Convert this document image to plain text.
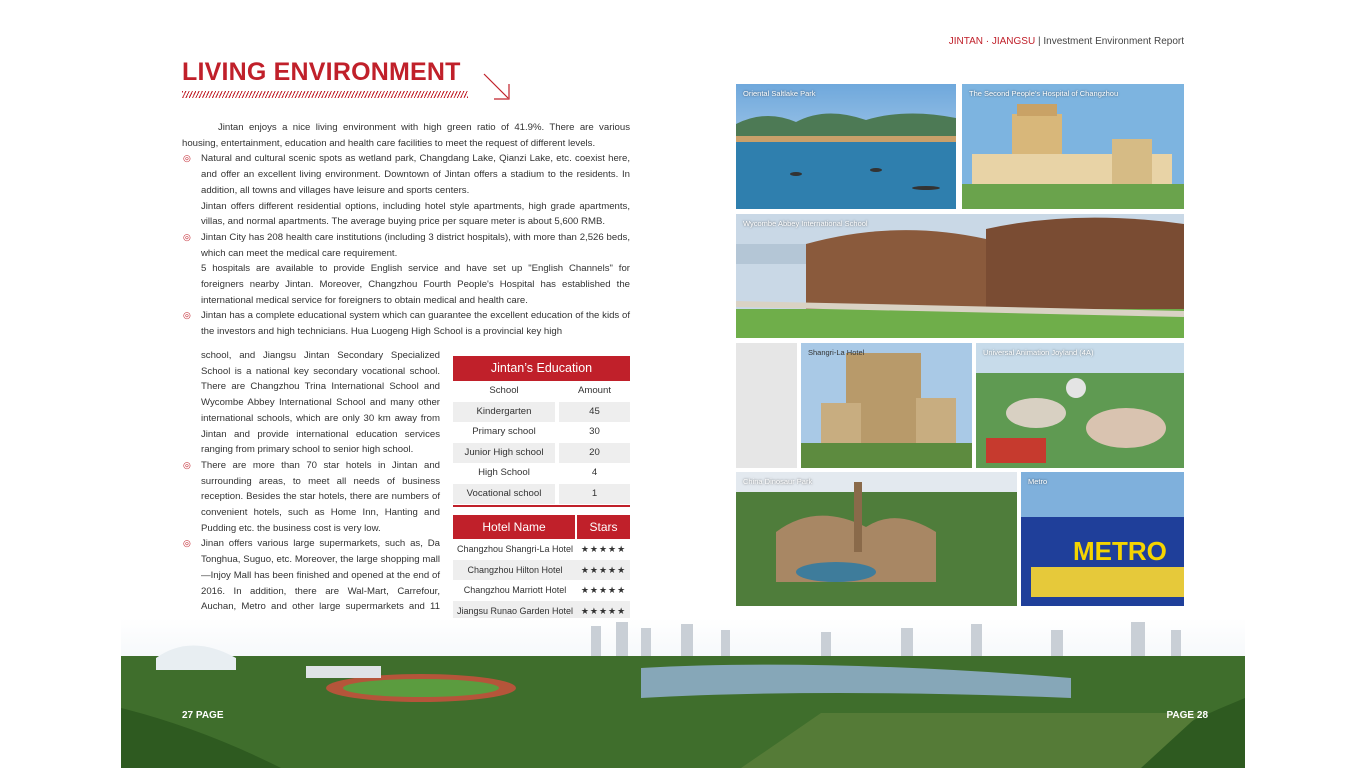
JINTAN · JIANGSU | Investment Environment Report
LIVING ENVIRONMENT

Jintan enjoys a nice living environment with high green ratio of 41.9%. There are various housing, entertainment, education and health care facilities to meet the request of different levels.

◎ Natural and cultural scenic spots as wetland park, Changdang Lake, Qianzi Lake, etc. coexist here, and offer an excellent living environment. Downtown of Jintan offers a stadium to the residents. In addition, all towns and villages have leisure and sports centers.

Jintan offers different residential options, including hotel style apartments, high grade apartments, villas, and normal apartments. The average buying price per square meter is about 5,600 RMB.

◎ Jintan City has 208 health care institutions (including 3 district hospitals), with more than 2,526 beds, which can meet the medical care requirement.

5 hospitals are available to provide English service and have set up "English Channels" for foreigners nearby Jintan. Moreover, Changzhou Fourth People's Hospital has established the international medical service for foreigners to obtain medical and health care.

◎ Jintan has a complete educational system which can guarantee the excellent education of the kids of the investors and high technicians. Hua Luogeng High School is a provincial key high

school, and Jiangsu Jintan Secondary Specialized School is a national key secondary vocational school. There are Changzhou Trina International School and Wycombe Abbey International School and many other international schools, which are only 30 km away from Jintan and provide international education services ranging from primary school to senior high school.

◎ There are more than 70 star hotels in Jintan and surrounding areas, to meet all needs of business reception. Besides the star hotels, there are numbers of convenient hotels, such as Home Inn, Hanting and Pudding etc. the business cost is very low.

◎ Jinan offers various large supermarkets, such as, Da Tonghua, Suguo, etc. Moreover, the large shopping mall—Injoy Mall has been finished and opened at the end of 2016. In addition, there are Wal-Mart, Carrefour, Auchan, Metro and other large supermarkets and 11

Jintan’s Education
School	Amount
Kindergarten	45
Primary school	30
Junior High school	20
High School	4
Vocational school	1
Hotel Name	Stars
Changzhou Shangri-La Hotel ★★★★★
Changzhou Hilton Hotel	★★★★★
Changzhou Marriott Hotel	★★★★★
Jiangsu Runao Garden Hotel ★★★★★
Oriental Saltlake Park	The Second People’s Hospital of Changzhou
Wycombe Abbey International School
Shangri-La Hotel	Universal Animation Joyland (4A)
China Dinosaur Park
METRO
Metro
27 PAGE	PAGE 28
